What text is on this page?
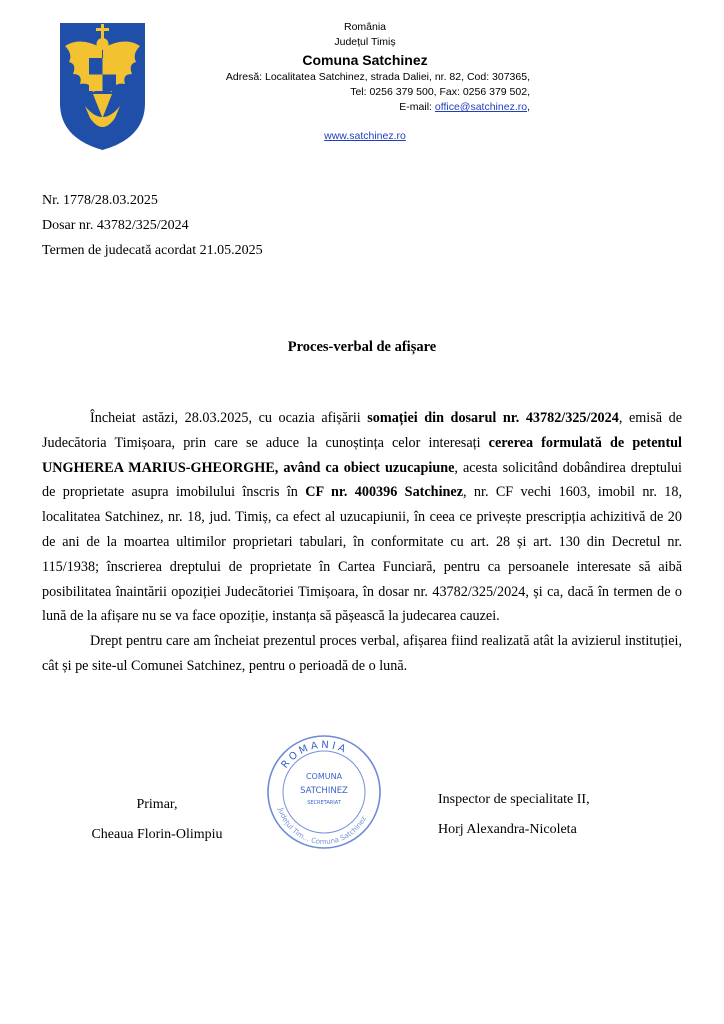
România
Județul Timiș
Comuna Satchinez
Adresă: Localitatea Satchinez, strada Daliei, nr. 82, Cod: 307365,
Tel: 0256 379 500, Fax: 0256 379 502,
E-mail: office@satchinez.ro,
www.satchinez.ro
Nr. 1778/28.03.2025
Dosar nr. 43782/325/2024
Termen de judecată acordat 21.05.2025
Proces-verbal de afișare

Încheiat astăzi, 28.03.2025, cu ocazia afișării somației din dosarul nr. 43782/325/2024, emisă de Judecătoria Timișoara, prin care se aduce la cunoștința celor interesați cererea formulată de petentul UNGHEREA MARIUS-GHEORGHE, având ca obiect uzucapiune, acesta solicitând dobândirea dreptului de proprietate asupra imobilului înscris în CF nr. 400396 Satchinez, nr. CF vechi 1603, imobil nr. 18, localitatea Satchinez, nr. 18, jud. Timiș, ca efect al uzucapiunii, în ceea ce privește prescripția achizitivă de 20 de ani de la moartea ultimilor proprietari tabulari, în conformitate cu art. 28 și art. 130 din Decretul nr. 115/1938; înscrierea dreptului de proprietate în Cartea Funciară, pentru ca persoanele interesate să aibă posibilitatea înaintării opoziției Judecătoriei Timișoara, în dosar nr. 43782/325/2024, și ca, dacă în termen de o lună de la afișare nu se va face opoziție, instanța să pășească la judecarea cauzei.

Drept pentru care am încheiat prezentul proces verbal, afișarea fiind realizată atât la avizierul instituției, cât și pe site-ul Comunei Satchinez, pentru o perioadă de o lună.

Primar,
Cheaua Florin-Olimpiu
ROMANIA
Județul Tim... Comuna Satchinez
COMUNA
SATCHINEZ
SECRETARIAT	Inspector de specialitate II,
Horj Alexandra-Nicoleta
